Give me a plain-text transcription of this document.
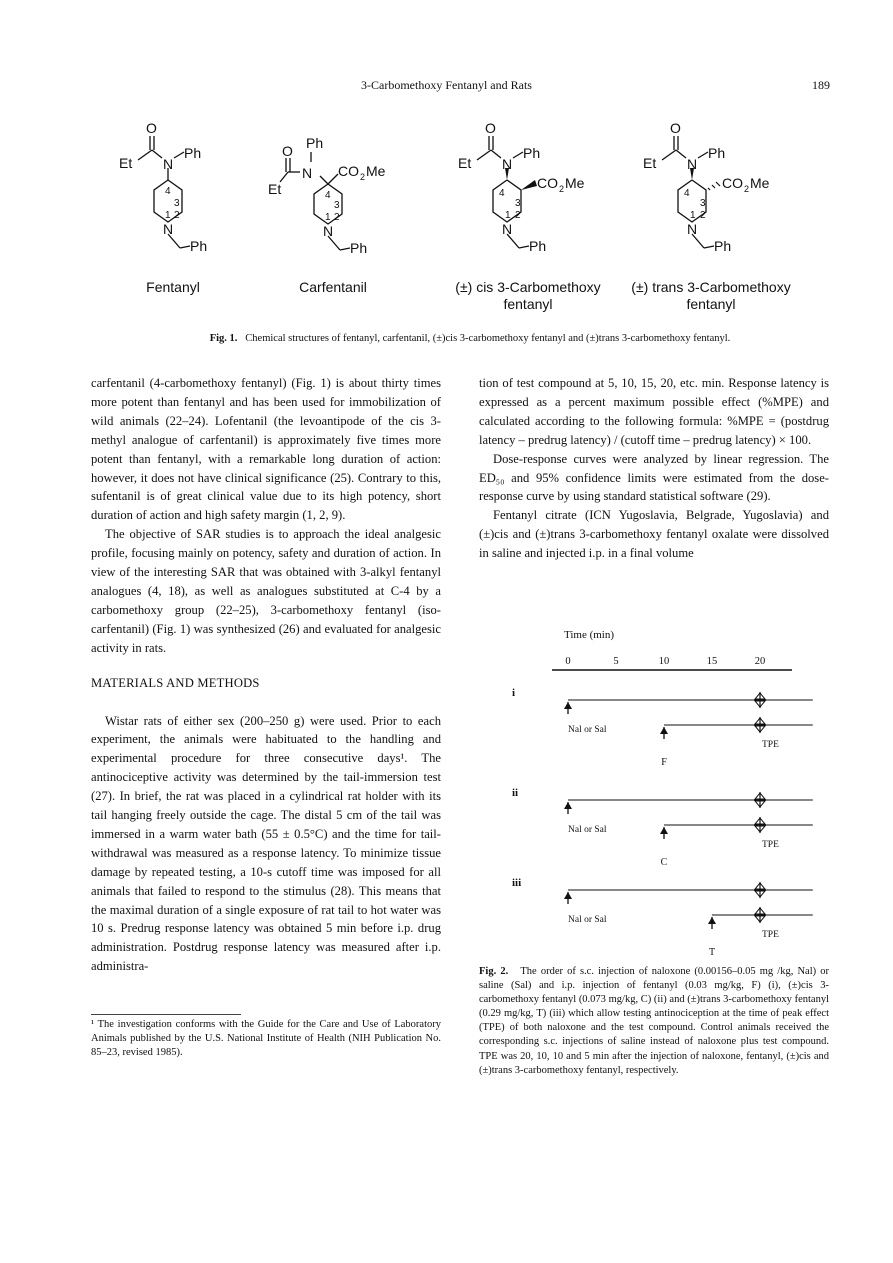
3-Carbomethoxy Fentanyl and Rats	189
O
Et N
Ph
4
3
2
1
N
Ph
Fentanyl
O Ph
N
Et
CO 2 Me
4
3
2
1
N
Ph
Carfentanil
O
Et N
Ph
CO 2 Me
4
3
2
1
N
Ph
(±) cis 3-Carbomethoxy
fentanyl
O
Et N
Ph
CO 2 Me
4
3
2
1
N
Ph
(±) trans 3-Carbomethoxy
fentanyl
Fig. 1. Chemical structures of fentanyl, carfentanil, (±)cis 3-carbomethoxy fentanyl and (±)trans 3-carbomethoxy fentanyl.

carfentanil (4-carbomethoxy fentanyl) (Fig. 1) is about thirty times more potent than fentanyl and has been used for immobilization of wild animals (22–24). Lofentanil (the levoantipode of the cis 3-methyl analogue of carfentanil) is approximately five times more potent than fentanyl, with a remarkable long duration of action: however, it does not have clinical significance (25). Contrary to this, sufentanil is of great clinical value due to its high potency, short duration of action and high safety margin (1, 2, 9).

The objective of SAR studies is to approach the ideal analgesic profile, focusing mainly on potency, safety and duration of action. In view of the interesting SAR that was obtained with 3-alkyl fentanyl analogues (4, 18), as well as analogues substituted at C-4 by a carbomethoxy group (22–25), 3-carbomethoxy fentanyl (iso-carfentanil) (Fig. 1) was synthesized (26) and evaluated for analgesic activity in rats.

MATERIALS AND METHODS

Wistar rats of either sex (200–250 g) were used. Prior to each experiment, the animals were habituated to the handling and experimental procedure for three consecutive days¹. The antinociceptive activity was determined by the tail-immersion test (27). In brief, the rat was placed in a cylindrical rat holder with its tail hanging freely outside the cage. The distal 5 cm of the tail was immersed in a warm water bath (55 ± 0.5°C) and the time for tail-withdrawal was measured as a response latency. To minimize tissue damage by repeated testing, a 10-s cutoff time was imposed for all animals that failed to respond to the stimulus (28). This means that the maximal duration of a single exposure of rat tail to hot water was 10 s. Predrug response latency was obtained 5 min before i.p. drug administration. Postdrug response latency was measured after i.p. administra-

¹ The investigation conforms with the Guide for the Care and Use of Laboratory Animals published by the U.S. National Institute of Health (NIH Publication No. 85–23, revised 1985).

tion of test compound at 5, 10, 15, 20, etc. min. Response latency is expressed as a percent maximum possible effect (%MPE) and calculated according to the following formula: %MPE = (postdrug latency – predrug latency) / (cutoff time – predrug latency) × 100.

Dose-response curves were analyzed by linear regression. The ED₅₀ and 95% confidence limits were estimated from the dose-response curve by using standard statistical software (29).

Fentanyl citrate (ICN Yugoslavia, Belgrade, Yugoslavia) and (±)cis and (±)trans 3-carbomethoxy fentanyl oxalate were dissolved in saline and injected i.p. in a final volume

Time (min)
0	5	10	15	20
i
Nal or Sal
TPE
F
ii
Nal or Sal
TPE
C
iii
Nal or Sal
TPE
T
Fig. 2. The order of s.c. injection of naloxone (0.00156–0.05 mg /kg, Nal) or saline (Sal) and i.p. injection of fentanyl (0.03 mg/kg, F) (i), (±)cis 3-carbomethoxy fentanyl (0.073 mg/kg, C) (ii) and (±)trans 3-carbomethoxy fentanyl (0.29 mg/kg, T) (iii) which allow testing antinociception at the time of peak effect (TPE) of both naloxone and the test compound. Control animals received the corresponding s.c. injections of saline instead of naloxone plus test compound. TPE was 20, 10, 10 and 5 min after the injection of naloxone, fentanyl, (±)cis and (±)trans 3-carbomethoxy fentanyl, respectively.
